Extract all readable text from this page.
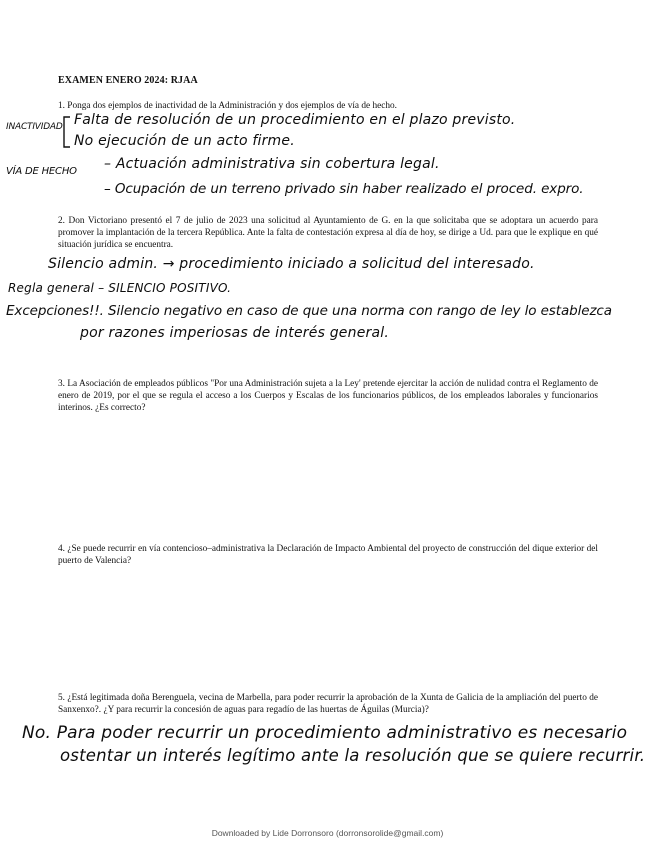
EXAMEN ENERO 2024: RJAA
1. Ponga dos ejemplos de inactividad de la Administración y dos ejemplos de vía de hecho.
INACTIVIDAD Falta de resolución de un procedimiento en el plazo previsto.
No ejecución de un acto firme.
VÍA DE HECHO – Actuación administrativa sin cobertura legal.
– Ocupación de un terreno privado sin haber realizado el proced. expro.
2. Don Victoriano presentó el 7 de julio de 2023 una solicitud al Ayuntamiento de G. en la que solicitaba que se adoptara un acuerdo para promover la implantación de la tercera República. Ante la falta de contestación expresa al día de hoy, se dirige a Ud. para que le explique en qué situación jurídica se encuentra.
Silencio admin. → procedimiento iniciado a solicitud del interesado.
Regla general – SILENCIO POSITIVO.
Excepciones!!. Silencio negativo en caso de que una norma con rango de ley lo establezca
por razones imperiosas de interés general.
3. La Asociación de empleados públicos "Por una Administración sujeta a la Ley' pretende ejercitar la acción de nulidad contra el Reglamento de enero de 2019, por el que se regula el acceso a los Cuerpos y Escalas de los funcionarios públicos, de los empleados laborales y funcionarios interinos. ¿Es correcto?
4. ¿Se puede recurrir en vía contencioso–administrativa la Declaración de Impacto Ambiental del proyecto de construcción del dique exterior del puerto de Valencia?
5. ¿Está legitimada doña Berenguela, vecina de Marbella, para poder recurrir la aprobación de la Xunta de Galicia de la ampliación del puerto de Sanxenxo?. ¿Y para recurrir la concesión de aguas para regadío de las huertas de Águilas (Murcia)?
No. Para poder recurrir un procedimiento administrativo es necesario
ostentar un interés legítimo ante la resolución que se quiere recurrir.
Downloaded by Lide Dorronsoro (dorronsorolide@gmail.com)
